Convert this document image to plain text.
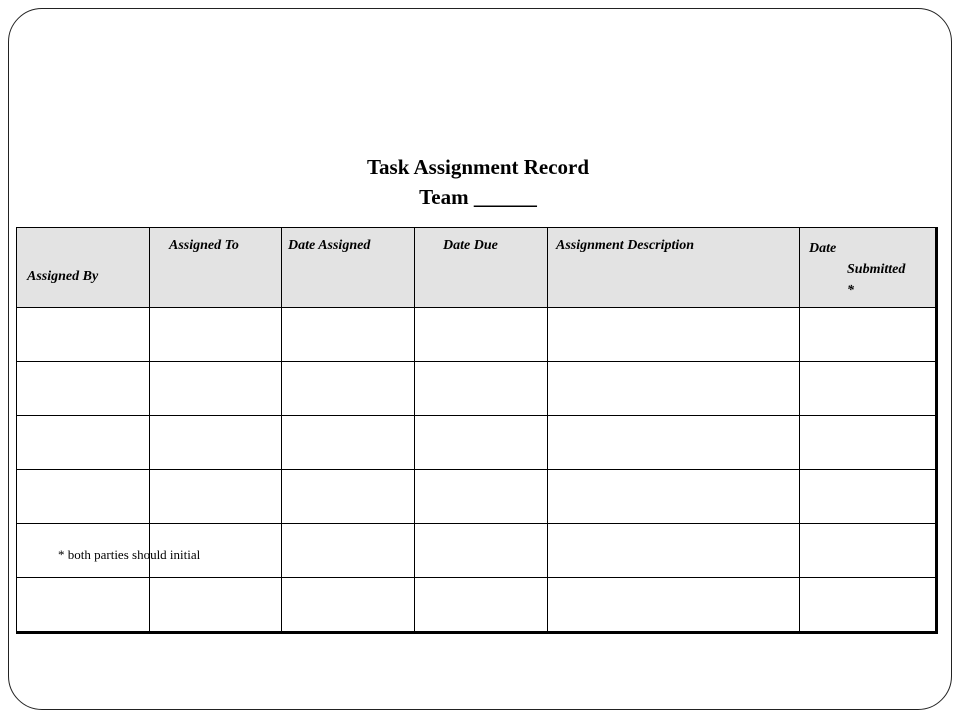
Task Assignment Record
Team ______
Assigned By	Assigned To	Date Assigned	Date Due	Assignment Description	Date
Submitted
*

* both parties should initial
